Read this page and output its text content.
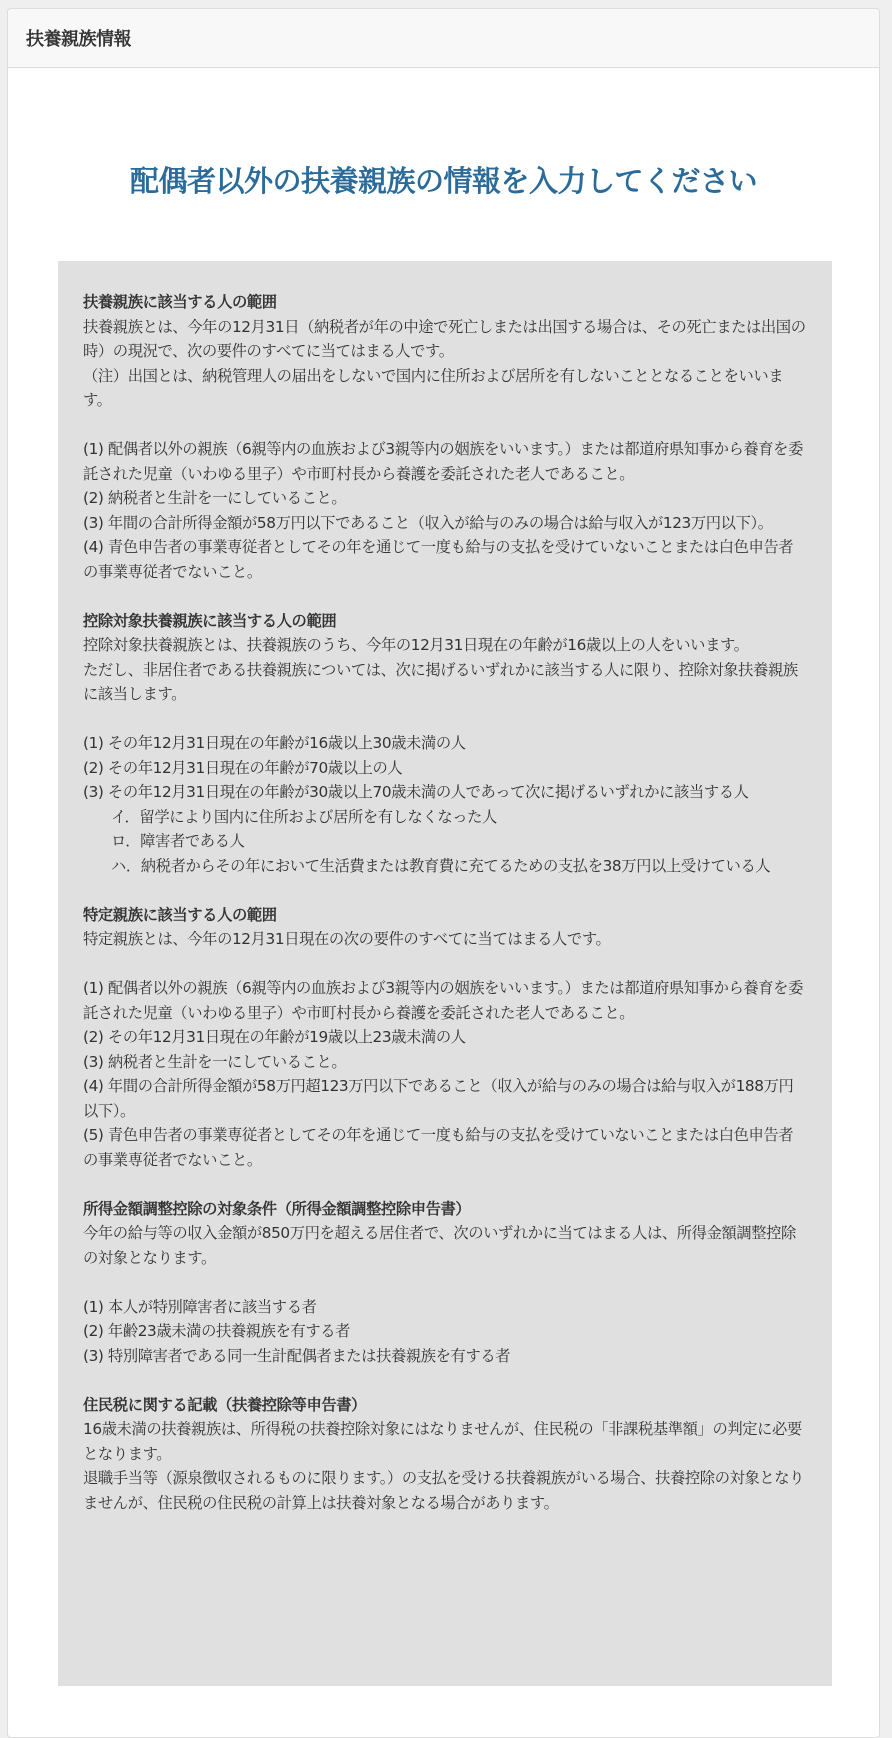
扶養親族情報
配偶者以外の扶養親族の情報を入力してください
扶養親族に該当する人の範囲
扶養親族とは、今年の12月31日（納税者が年の中途で死亡しまたは出国する場合は、その死亡または出国の時）の現況で、次の要件のすべてに当てはまる人です。
（注）出国とは、納税管理人の届出をしないで国内に住所および居所を有しないこととなることをいいます。
(1) 配偶者以外の親族（6親等内の血族および3親等内の姻族をいいます。）または都道府県知事から養育を委託された児童（いわゆる里子）や市町村長から養護を委託された老人であること。
(2) 納税者と生計を一にしていること。
(3) 年間の合計所得金額が58万円以下であること（収入が給与のみの場合は給与収入が123万円以下）。
(4) 青色申告者の事業専従者としてその年を通じて一度も給与の支払を受けていないことまたは白色申告者の事業専従者でないこと。
控除対象扶養親族に該当する人の範囲
控除対象扶養親族とは、扶養親族のうち、今年の12月31日現在の年齢が16歳以上の人をいいます。
ただし、非居住者である扶養親族については、次に掲げるいずれかに該当する人に限り、控除対象扶養親族に該当します。
(1) その年12月31日現在の年齢が16歳以上30歳未満の人
(2) その年12月31日現在の年齢が70歳以上の人
(3) その年12月31日現在の年齢が30歳以上70歳未満の人であって次に掲げるいずれかに該当する人
イ．留学により国内に住所および居所を有しなくなった人
ロ．障害者である人
ハ．納税者からその年において生活費または教育費に充てるための支払を38万円以上受けている人
特定親族に該当する人の範囲
特定親族とは、今年の12月31日現在の次の要件のすべてに当てはまる人です。
(1) 配偶者以外の親族（6親等内の血族および3親等内の姻族をいいます。）または都道府県知事から養育を委託された児童（いわゆる里子）や市町村長から養護を委託された老人であること。
(2) その年12月31日現在の年齢が19歳以上23歳未満の人
(3) 納税者と生計を一にしていること。
(4) 年間の合計所得金額が58万円超123万円以下であること（収入が給与のみの場合は給与収入が188万円以下）。
(5) 青色申告者の事業専従者としてその年を通じて一度も給与の支払を受けていないことまたは白色申告者の事業専従者でないこと。
所得金額調整控除の対象条件（所得金額調整控除申告書）
今年の給与等の収入金額が850万円を超える居住者で、次のいずれかに当てはまる人は、所得金額調整控除の対象となります。
(1) 本人が特別障害者に該当する者
(2) 年齢23歳未満の扶養親族を有する者
(3) 特別障害者である同一生計配偶者または扶養親族を有する者
住民税に関する記載（扶養控除等申告書）
16歳未満の扶養親族は、所得税の扶養控除対象にはなりませんが、住民税の「非課税基準額」の判定に必要となります。
退職手当等（源泉徴収されるものに限ります。）の支払を受ける扶養親族がいる場合、扶養控除の対象となりませんが、住民税の住民税の計算上は扶養対象となる場合があります。
